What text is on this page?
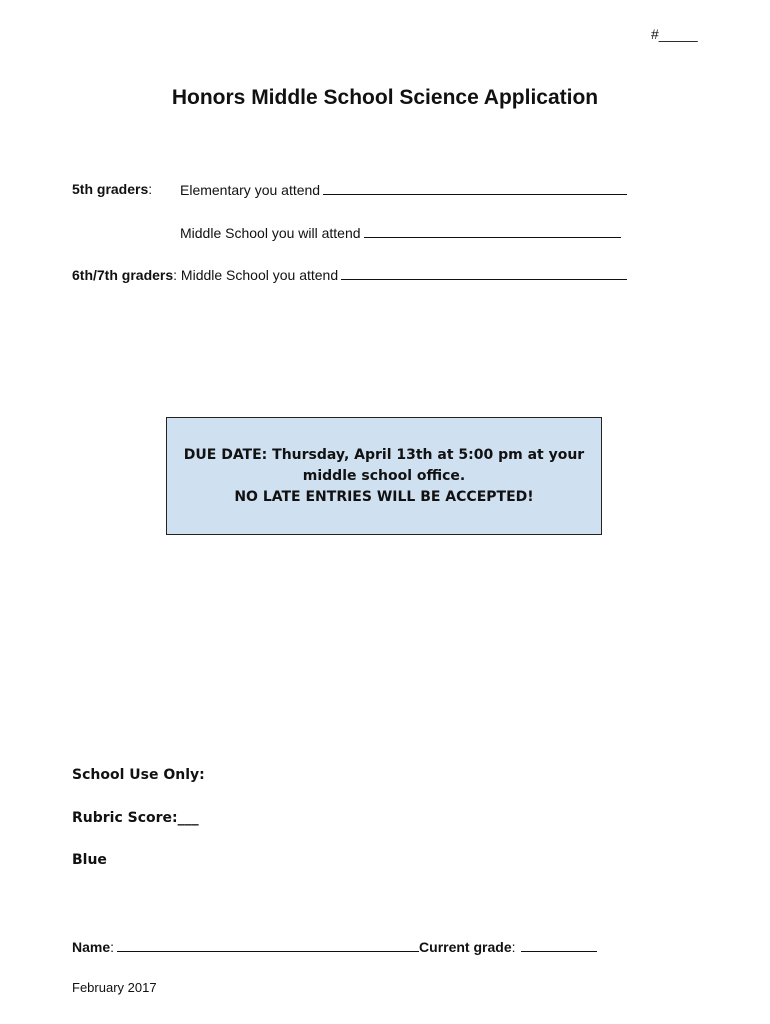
#_____
Honors Middle School Science Application
5th graders: Elementary you attend
Middle School you will attend
6th/7th graders: Middle School you attend
DUE DATE: Thursday, April 13th at 5:00 pm at your
middle school office.
NO LATE ENTRIES WILL BE ACCEPTED!
School Use Only:
Rubric Score:___
Blue
Name:	Current grade:
February 2017
